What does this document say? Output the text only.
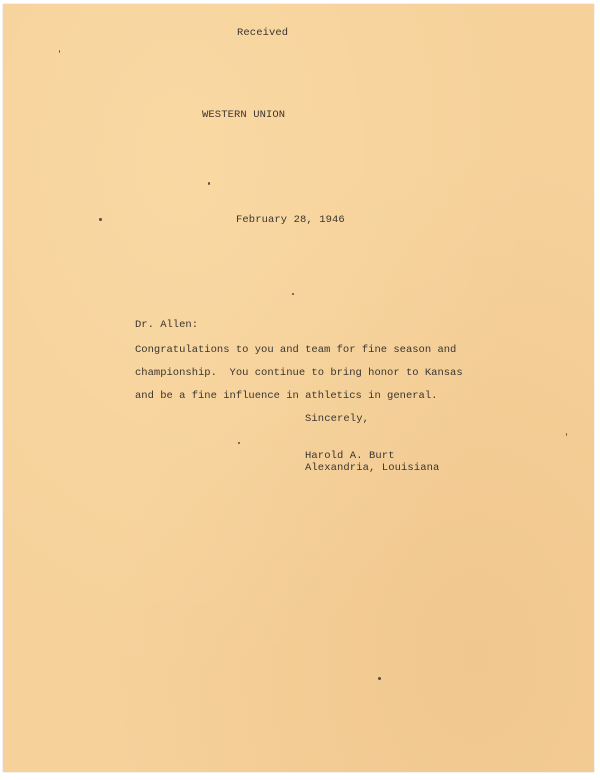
Received
WESTERN UNION
February 28, 1946
Dr. Allen:
Congratulations to you and team for fine season and
championship.  You continue to bring honor to Kansas
and be a fine influence in athletics in general.
Sincerely,
Harold A. Burt
Alexandria, Louisiana
